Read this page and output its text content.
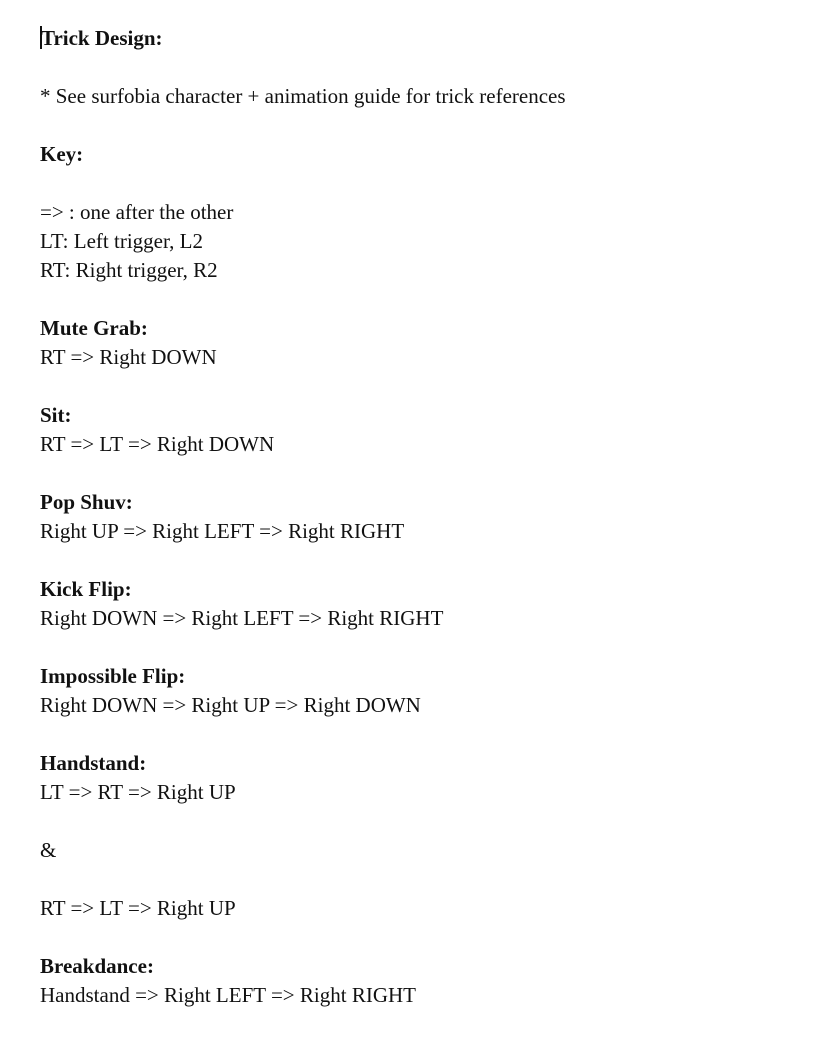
Trick Design:
* See surfobia character + animation guide for trick references
Key:
=> : one after the other
LT: Left trigger, L2
RT: Right trigger, R2
Mute Grab:
RT => Right DOWN
Sit:
RT => LT => Right DOWN
Pop Shuv:
Right UP => Right LEFT => Right RIGHT
Kick Flip:
Right DOWN => Right LEFT => Right RIGHT
Impossible Flip:
Right DOWN => Right UP => Right DOWN
Handstand:
LT => RT => Right UP
&
RT => LT => Right UP
Breakdance:
Handstand => Right LEFT => Right RIGHT
